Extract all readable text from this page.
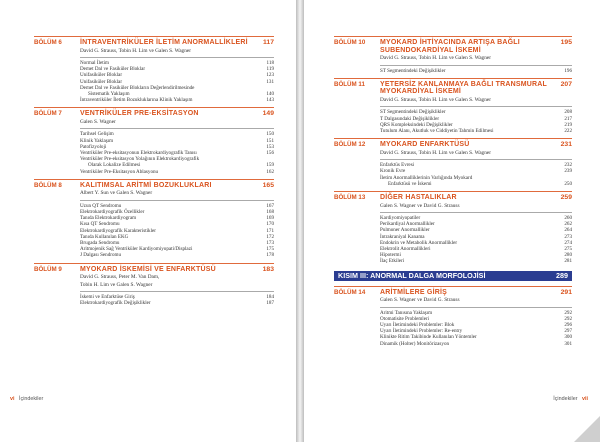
BÖLÜM 6	İNTRAVENTRİKÜLER İLETİM ANORMALLİKLERİ	117
David G. Strauss, Tobin H. Lim ve Galen S. Wagner
Normal İletim	118
Demet Dal ve Fasiküler Bloklar	119
Unifasiküler Bloklar	123
Unifasiküler Bloklar	131
Demet Dal ve Fasiküler Blokların Değerlendirilmesinde
Sistematik Yaklaşım	140
İntraventriküler İletim Bozukluklarına Klinik Yaklaşım	143
BÖLÜM 7	VENTRİKÜLER PRE-EKSİTASYON	149
Galen S. Wagner
Tarihsel Gelişim	150
Klinik Yaklaşım	151
Patofizyoloji	153
Ventriküler Pre-eksitasyonun Elektrokardiyografik Tanısı	156
Ventriküler Pre-eksitasyon Yolağının Elektrokardiyografik
Olarak Lokalize Edilmesi	159
Ventriküler Pre-Eksitasyon Ablasyonu	162
BÖLÜM 8	KALITIMSAL ARİTMİ BOZUKLUKLARI	165
Albert Y. Sun ve Galen S. Wagner
Uzun QT Sendromu	167
Elektrokardiyografik Özellikler	168
Tanıda Elektrokardiyogram	169
Kısa QT Sendromu	170
Elektrokardiyografik Karakteristikler	171
Tanıda Kullanılan EKG	172
Brugada Sendromu	173
Aritmojenik Sağ Ventriküler Kardiyomiyopati/Displazi	175
J Dalgası Sendromu	178
BÖLÜM 9	MYOKARD İSKEMİSİ VE ENFARKTÜSÜ	183
David G. Strauss, Peter M. Van Dam,
Tobin H. Lim ve Galen S. Wagner
İskemi ve Enfarktüse Giriş	184
Elektrokardiyografik Değişiklikler	187
vi İçindekiler
BÖLÜM 10	MYOKARD İHTİYACINDA ARTIŞA BAĞLI SUBENDOKARDİYAL İSKEMİ
195
David G. Strauss, Tobin H. Lim ve Galen S. Wagner
ST Segmentindeki Değişiklikler	196
BÖLÜM 11	YETERSİZ KANLANMAYA BAĞLI TRANSMURAL MYOKARDİYAL İSKEMİ
207
David G. Strauss, Tobin H. Lim ve Galen S. Wagner
ST Segmentindeki Değişiklikler	208
T Dalgasındaki Değişiklikler	217
QRS Kompleksindeki Değişiklikler	219
Tutulum Alanı, Akutluk ve Ciddiyetin Tahmin Edilmesi	222
BÖLÜM 12	MYOKARD ENFARKTÜSÜ	231
David G. Strauss, Tobin H. Lim ve Galen S. Wagner
Enfarktüs Evresi	232
Kronik Evre	239
İletim Anormalliklerinin Varlığında Myokard
Enfarktüsü ve İskemi	250
BÖLÜM 13	DİĞER HASTALIKLAR	259
Galen S. Wagner ve David G. Strauss
Kardiyomiyopatiler	260
Perikardiyal Anormallikler	262
Pulmoner Anormallikler	264
İntrakraniyal Kanama	273
Endokrin ve Metabolik Anormallikler	274
Elektrolit Anormallikleri	275
Hipotermi	280
İlaç Etkileri	281
KISIM III: ANORMAL DALGA MORFOLOJİSİ	289
BÖLÜM 14	ARİTMİLERE GİRİŞ	291
Galen S. Wagner ve David G. Strauss
Aritmi Tanısına Yaklaşım	292
Otomatisite Problemleri	292
Uyarı İletimindeki Problemler: Blok	296
Uyarı İletimindeki Problemler: Re-entry	297
Klinikte Ritim Takibinde Kullanılan Yöntemler	300
Dinamik (Holter) Monitörizasyon	301
İçindekiler vii
